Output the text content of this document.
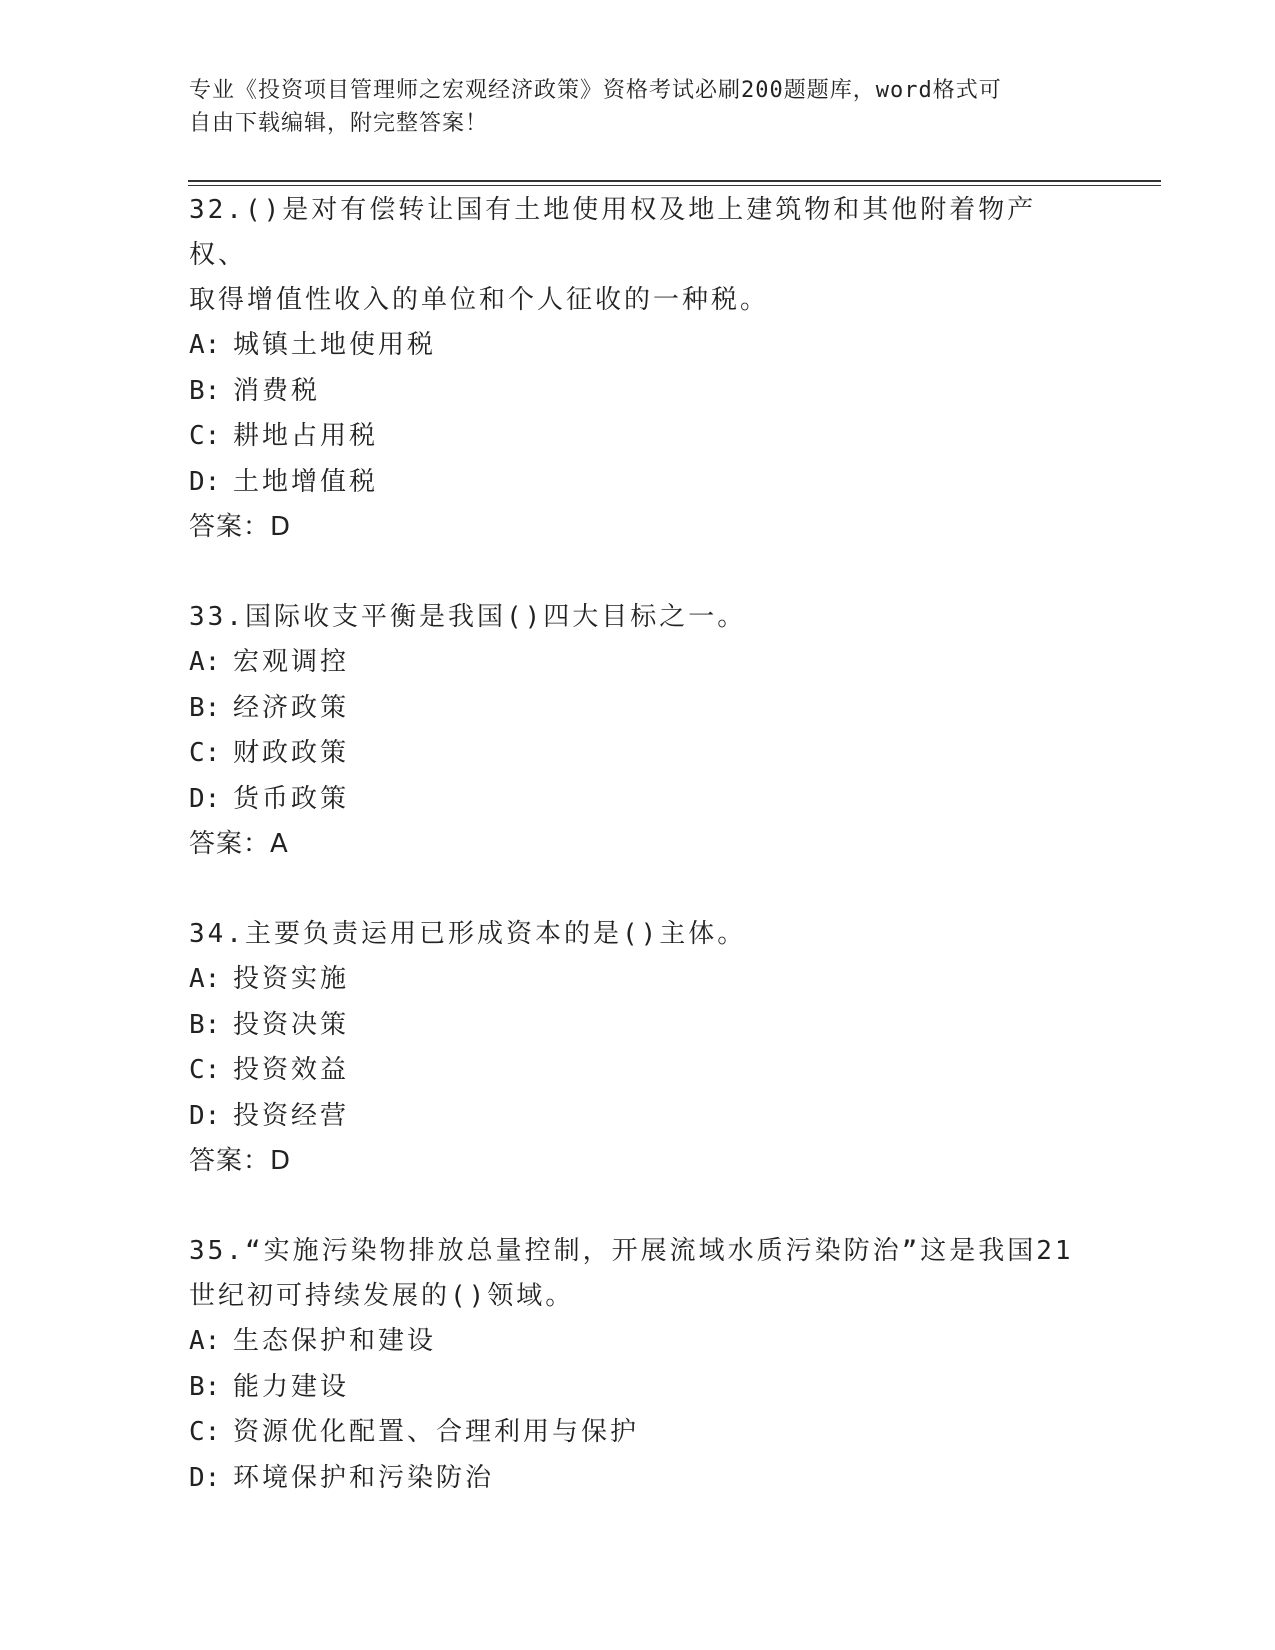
专业《投资项目管理师之宏观经济政策》资格考试必刷200题题库，word格式可
自由下载编辑，附完整答案！

32.()是对有偿转让国有土地使用权及地上建筑物和其他附着物产权、

取得增值性收入的单位和个人征收的一种税。

A: 城镇土地使用税

B: 消费税

C: 耕地占用税

D: 土地增值税

答案：D

33.国际收支平衡是我国()四大目标之一。

A: 宏观调控

B: 经济政策

C: 财政政策

D: 货币政策

答案：A

34.主要负责运用已形成资本的是()主体。

A: 投资实施

B: 投资决策

C: 投资效益

D: 投资经营

答案：D

35.“实施污染物排放总量控制，开展流域水质污染防治”这是我国21

世纪初可持续发展的()领域。

A: 生态保护和建设

B: 能力建设

C: 资源优化配置、合理利用与保护

D: 环境保护和污染防治
